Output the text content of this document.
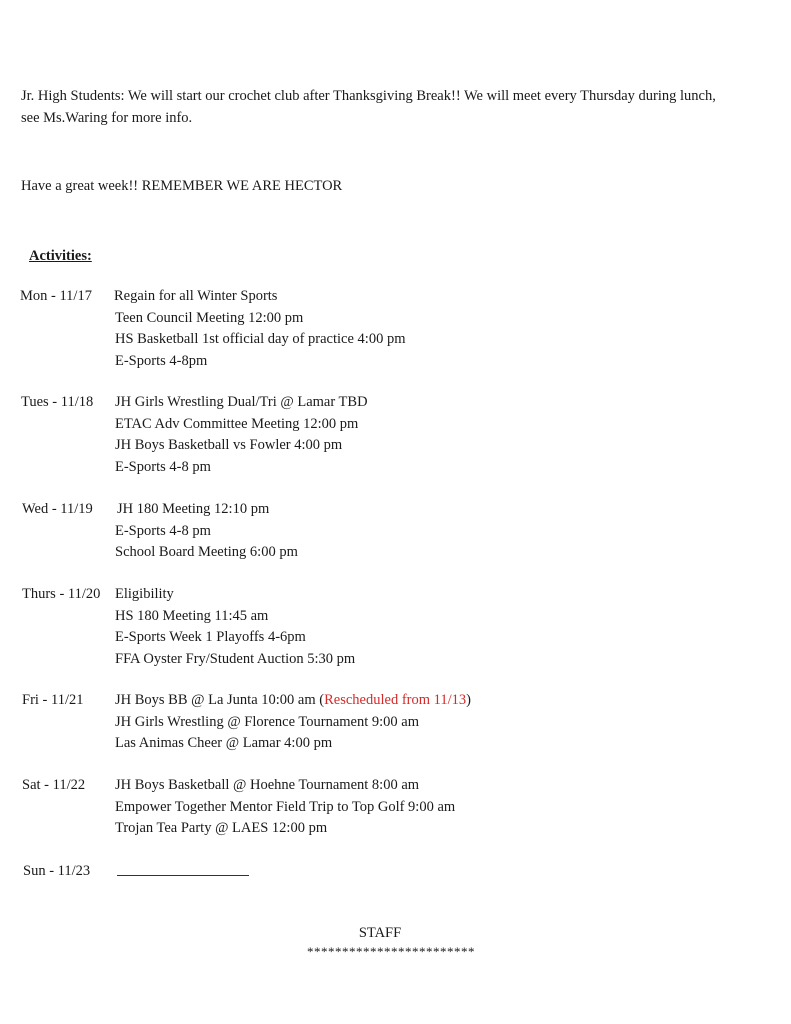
Jr. High Students: We will start our crochet club after Thanksgiving Break!! We will meet every Thursday during lunch,
see Ms.Waring for more info.

Have a great week!! REMEMBER WE ARE HECTOR

Activities:

Mon - 11/17 Regain for all Winter Sports
Teen Council Meeting 12:00 pm
HS Basketball 1st official day of practice 4:00 pm
E-Sports 4-8pm
Tues - 11/18 JH Girls Wrestling Dual/Tri @ Lamar TBD
ETAC Adv Committee Meeting 12:00 pm
JH Boys Basketball vs Fowler 4:00 pm
E-Sports 4-8 pm
Wed - 11/19 JH 180 Meeting 12:10 pm
E-Sports 4-8 pm
School Board Meeting 6:00 pm
Thurs - 11/20 Eligibility
HS 180 Meeting 11:45 am
E-Sports Week 1 Playoffs 4-6pm
FFA Oyster Fry/Student Auction 5:30 pm
Fri - 11/21 JH Boys BB @ La Junta 10:00 am (Rescheduled from 11/13)
JH Girls Wrestling @ Florence Tournament 9:00 am
Las Animas Cheer @ Lamar 4:00 pm
Sat - 11/22 JH Boys Basketball @ Hoehne Tournament 8:00 am
Empower Together Mentor Field Trip to Top Golf 9:00 am
Trojan Tea Party @ LAES 12:00 pm
Sun - 11/23

STAFF

************************
